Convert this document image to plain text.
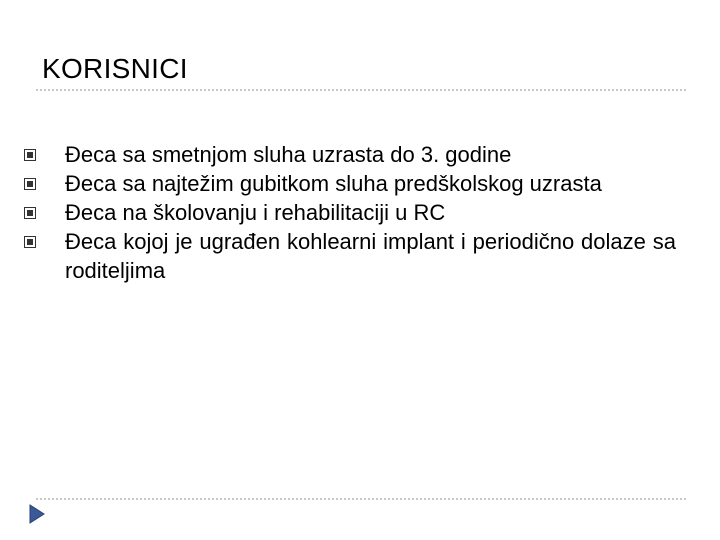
KORISNICI
Đeca sa smetnjom sluha uzrasta do 3. godine
Đeca sa najtežim gubitkom sluha predškolskog uzrasta
Đeca na školovanju i rehabilitaciji u RC
Đeca kojoj je ugrađen kohlearni implant i periodično dolaze sa roditeljima
